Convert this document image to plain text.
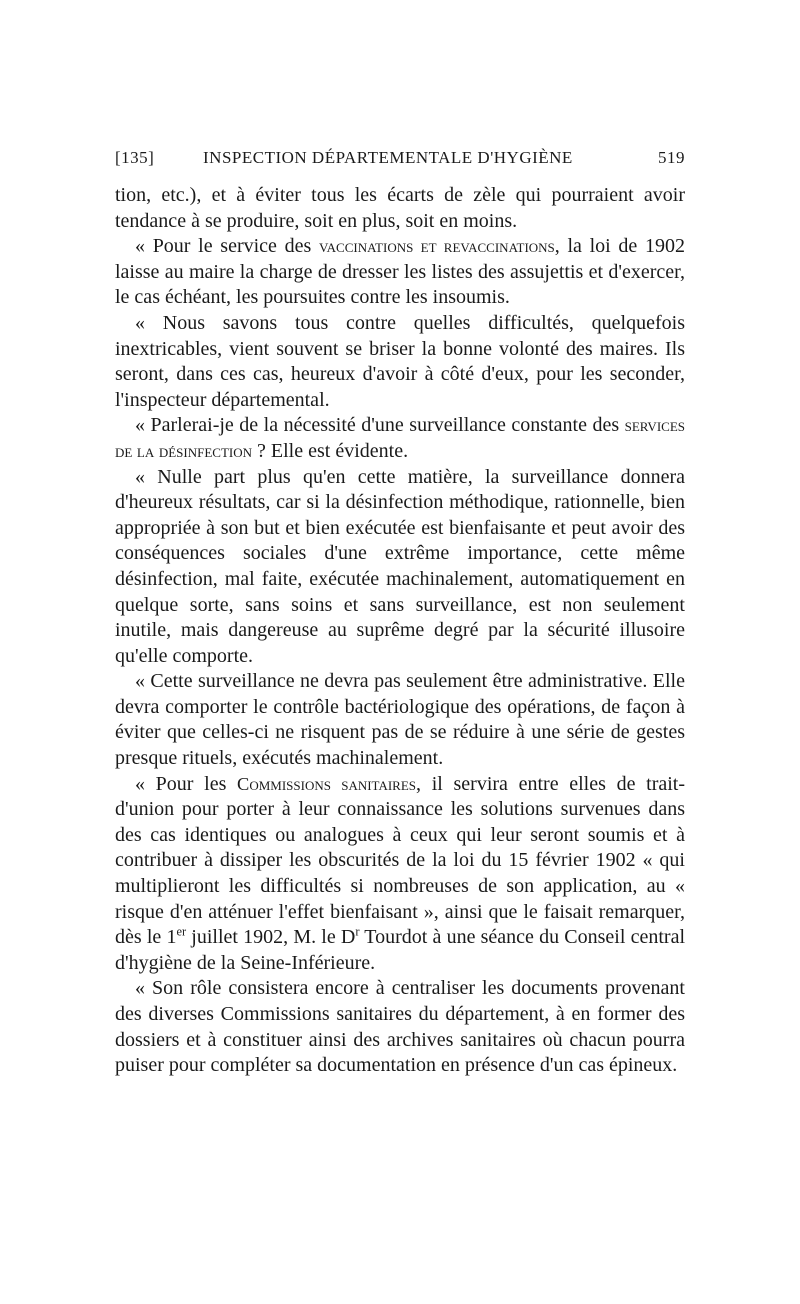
[135]	INSPECTION DÉPARTEMENTALE D'HYGIÈNE	519

tion, etc.), et à éviter tous les écarts de zèle qui pourraient avoir tendance à se produire, soit en plus, soit en moins.

« Pour le service des vaccinations et revaccinations, la loi de 1902 laisse au maire la charge de dresser les listes des assujettis et d'exercer, le cas échéant, les poursuites contre les insoumis.

« Nous savons tous contre quelles difficultés, quelquefois inextricables, vient souvent se briser la bonne volonté des maires. Ils seront, dans ces cas, heureux d'avoir à côté d'eux, pour les seconder, l'inspecteur départemental.

« Parlerai-je de la nécessité d'une surveillance constante des services de la désinfection ? Elle est évidente.

« Nulle part plus qu'en cette matière, la surveillance donnera d'heureux résultats, car si la désinfection méthodique, rationnelle, bien appropriée à son but et bien exécutée est bienfaisante et peut avoir des conséquences sociales d'une extrême importance, cette même désinfection, mal faite, exécutée machinalement, automatiquement en quelque sorte, sans soins et sans surveillance, est non seulement inutile, mais dangereuse au suprême degré par la sécurité illusoire qu'elle comporte.

« Cette surveillance ne devra pas seulement être administrative. Elle devra comporter le contrôle bactériologique des opérations, de façon à éviter que celles-ci ne risquent pas de se réduire à une série de gestes presque rituels, exécutés machinalement.

« Pour les Commissions sanitaires, il servira entre elles de trait-d'union pour porter à leur connaissance les solutions survenues dans des cas identiques ou analogues à ceux qui leur seront soumis et à contribuer à dissiper les obscurités de la loi du 15 février 1902 « qui multiplieront les difficultés si nombreuses de son application, au « risque d'en atténuer l'effet bienfaisant », ainsi que le faisait remarquer, dès le 1er juillet 1902, M. le $D^r$ Tourdot à une séance du Conseil central d'hygiène de la Seine-Inférieure.

« Son rôle consistera encore à centraliser les documents provenant des diverses Commissions sanitaires du département, à en former des dossiers et à constituer ainsi des archives sanitaires où chacun pourra puiser pour compléter sa documentation en présence d'un cas épineux.
